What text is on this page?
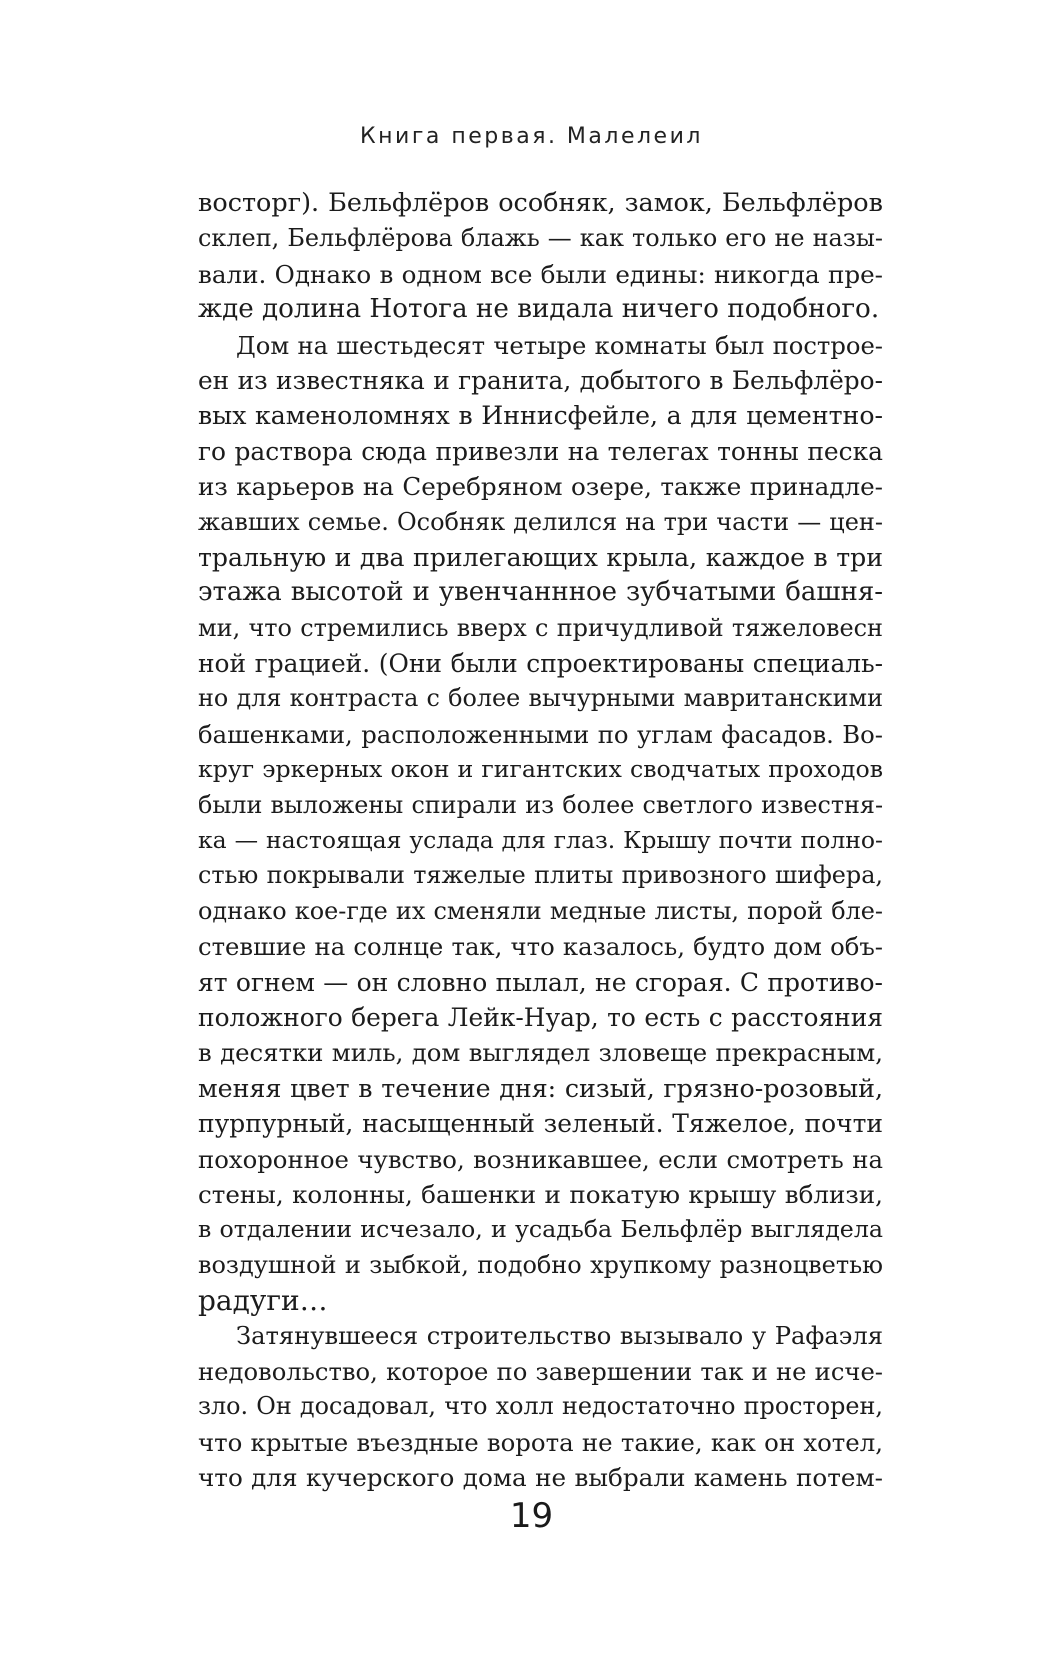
Книга первая. Малелеил
восторг). Бельфлёров особняк, замок, Бельфлёров
склеп, Бельфлёрова блажь — как только его не назы-
вали. Однако в одном все были едины: никогда пре-
жде долина Нотога не видала ничего подобного.
Дом на шестьдесят четыре комнаты был построе-
ен из известняка и гранита, добытого в Бельфлёро-
вых каменоломнях в Иннисфейле, а для цементно-
го раствора сюда привезли на телегах тонны песка
из карьеров на Серебряном озере, также принадле-
жавших семье. Особняк делился на три части — цен-
тральную и два прилегающих крыла, каждое в три
этажа высотой и увенчаннное зубчатыми башня-
ми, что стремились вверх с причудливой тяжеловесн
ной грацией. (Они были спроектированы специаль-
но для контраста с более вычурными мавританскими
башенками, расположенными по углам фасадов. Во-
круг эркерных окон и гигантских сводчатых проходов
были выложены спирали из более светлого известня-
ка — настоящая услада для глаз. Крышу почти полно-
стью покрывали тяжелые плиты привозного шифера,
однако кое-где их сменяли медные листы, порой бле-
стевшие на солнце так, что казалось, будто дом объ-
ят огнем — он словно пылал, не сгорая. С противо-
положного берега Лейк-Нуар, то есть с расстояния
в десятки миль, дом выглядел зловеще прекрасным,
меняя цвет в течение дня: сизый, грязно-розовый,
пурпурный, насыщенный зеленый. Тяжелое, почти
похоронное чувство, возникавшее, если смотреть на
стены, колонны, башенки и покатую крышу вблизи,
в отдалении исчезало, и усадьба Бельфлёр выглядела
воздушной и зыбкой, подобно хрупкому разноцветью
радуги…
Затянувшееся строительство вызывало у Рафаэля
недовольство, которое по завершении так и не исче-
зло. Он досадовал, что холл недостаточно просторен,
что крытые въездные ворота не такие, как он хотел,
что для кучерского дома не выбрали камень потем-
19
